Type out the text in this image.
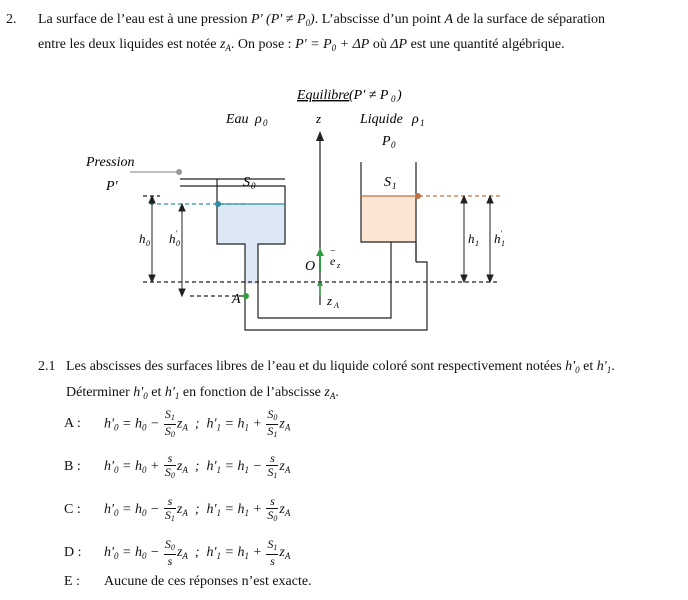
2. La surface de l’eau est à une pression P' $(P' \ne P_0)$. L’abscisse d’un point A de la surface de séparation
entre les deux liquides est notée $z_A$. On pose : $P' = P_0 + \Delta P$ où ΔP est une quantité algébrique.
Equilibre (P' ≠ P 0 )
Eau ρ 0	z	Liquide ρ 1
P 0
Pression
P'	S 0	S 1
h 0 h 0
'	h 1 h 1
'
O e
−
z
A	z A
2.1 Les abscisses des surfaces libres de l’eau et du liquide coloré sont respectivement notées $h'_0$ et $h'_1$.
Déterminer $h'_0$ et $h'_1$ en fonction de l’abscisse $z_A$.
A :	$h'_0 = h_0 - \frac{S_1}{S_0} z_A$  ;  $h'_1 = h_1 + \frac{S_0}{S_1} z_A$
B :	$h'_0 = h_0 + \frac{s}{S_0} z_A$  ;  $h'_1 = h_1 - \frac{s}{S_1} z_A$
C :	$h'_0 = h_0 - \frac{s}{S_1} z_A$  ;  $h'_1 = h_1 + \frac{s}{S_0} z_A$
D :	$h'_0 = h_0 - \frac{S_0}{s} z_A$  ;  $h'_1 = h_1 + \frac{S_1}{s} z_A$
E :	Aucune de ces réponses n’est exacte.
